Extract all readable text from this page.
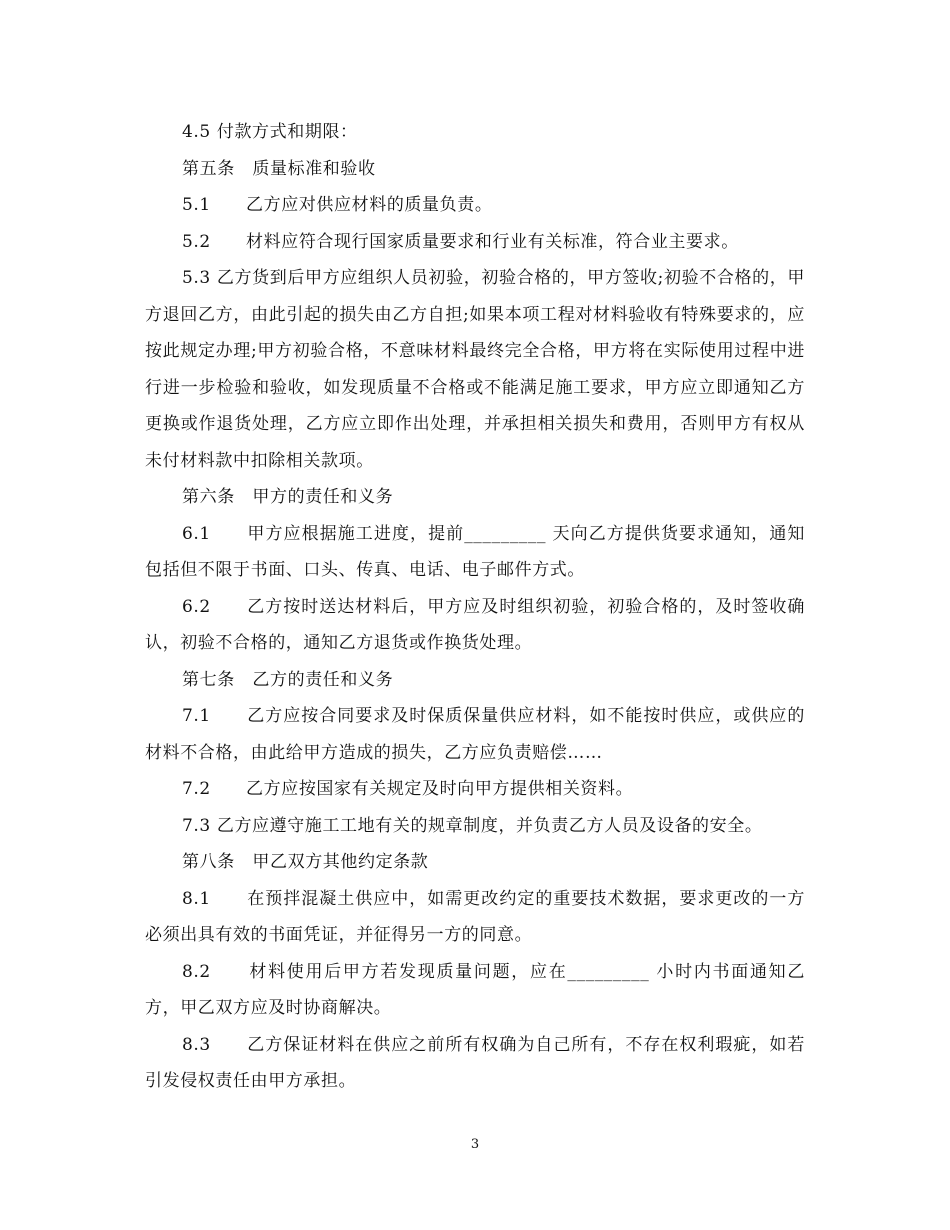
4.5 付款方式和期限：

第五条　质量标准和验收

5.1　　乙方应对供应材料的质量负责。

5.2　　材料应符合现行国家质量要求和行业有关标准，符合业主要求。

5.3 乙方货到后甲方应组织人员初验，初验合格的，甲方签收;初验不合格的，甲方退回乙方，由此引起的损失由乙方自担;如果本项工程对材料验收有特殊要求的，应按此规定办理;甲方初验合格，不意味材料最终完全合格，甲方将在实际使用过程中进行进一步检验和验收，如发现质量不合格或不能满足施工要求，甲方应立即通知乙方更换或作退货处理，乙方应立即作出处理，并承担相关损失和费用，否则甲方有权从未付材料款中扣除相关款项。

第六条　甲方的责任和义务

6.1　　甲方应根据施工进度，提前_________ 天向乙方提供货要求通知，通知包括但不限于书面、口头、传真、电话、电子邮件方式。

6.2　　乙方按时送达材料后，甲方应及时组织初验，初验合格的，及时签收确认，初验不合格的，通知乙方退货或作换货处理。

第七条　乙方的责任和义务

7.1　　乙方应按合同要求及时保质保量供应材料，如不能按时供应，或供应的材料不合格，由此给甲方造成的损失，乙方应负责赔偿……

7.2　　乙方应按国家有关规定及时向甲方提供相关资料。

7.3 乙方应遵守施工工地有关的规章制度，并负责乙方人员及设备的安全。

第八条　甲乙双方其他约定条款

8.1　　在预拌混凝土供应中，如需更改约定的重要技术数据，要求更改的一方必须出具有效的书面凭证，并征得另一方的同意。

8.2　　材料使用后甲方若发现质量问题，应在_________ 小时内书面通知乙方，甲乙双方应及时协商解决。

8.3　　乙方保证材料在供应之前所有权确为自己所有，不存在权利瑕疵，如若引发侵权责任由甲方承担。

3
